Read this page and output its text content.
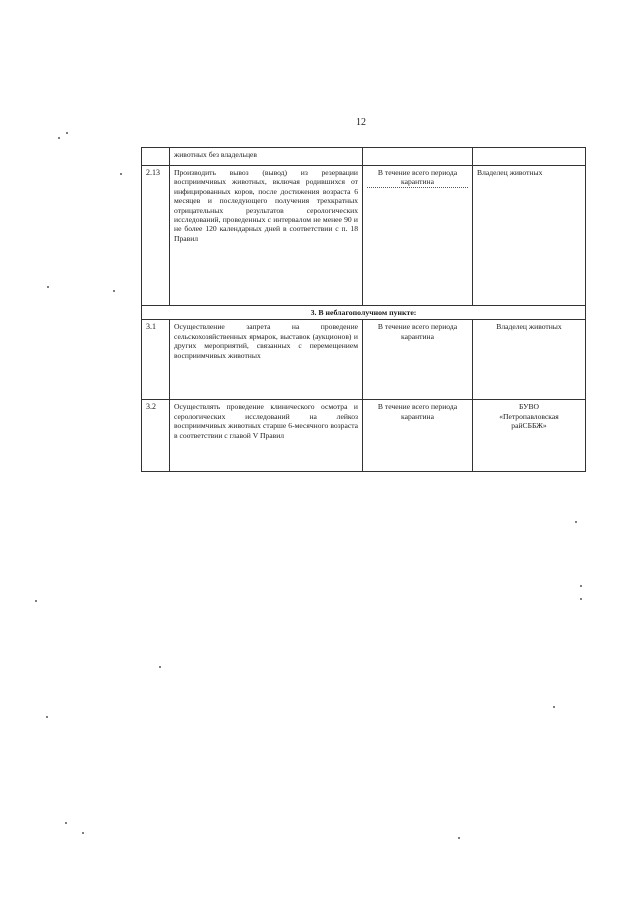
12
	животных без владельцев		
2.13	Производить вывоз (вывод) из резервации восприимчивых животных, включая родившихся от инфицированных коров, после достижения возраста 6 месяцев и последующего получения трехкратных отрицательных результатов серологических исследований, проведенных с интервалом не менее 90 и не более 120 календарных дней в соответствии с п. 18 Правил	В течение всего периода карантина	Владелец животных
3. В неблагополучном пункте:			
3.1	Осуществление запрета на проведение сельскохозяйственных ярмарок, выставок (аукционов) и других мероприятий, связанных с перемещением восприимчивых животных	В течение всего периода карантина	Владелец животных
3.2	Осуществлять проведение клинического осмотра и серологических исследований на лейкоз восприимчивых животных старше 6-месячного возраста в соответствии с главой V Правил	В течение всего периода карантина	БУВО
«Петропавловская
райСББЖ»
